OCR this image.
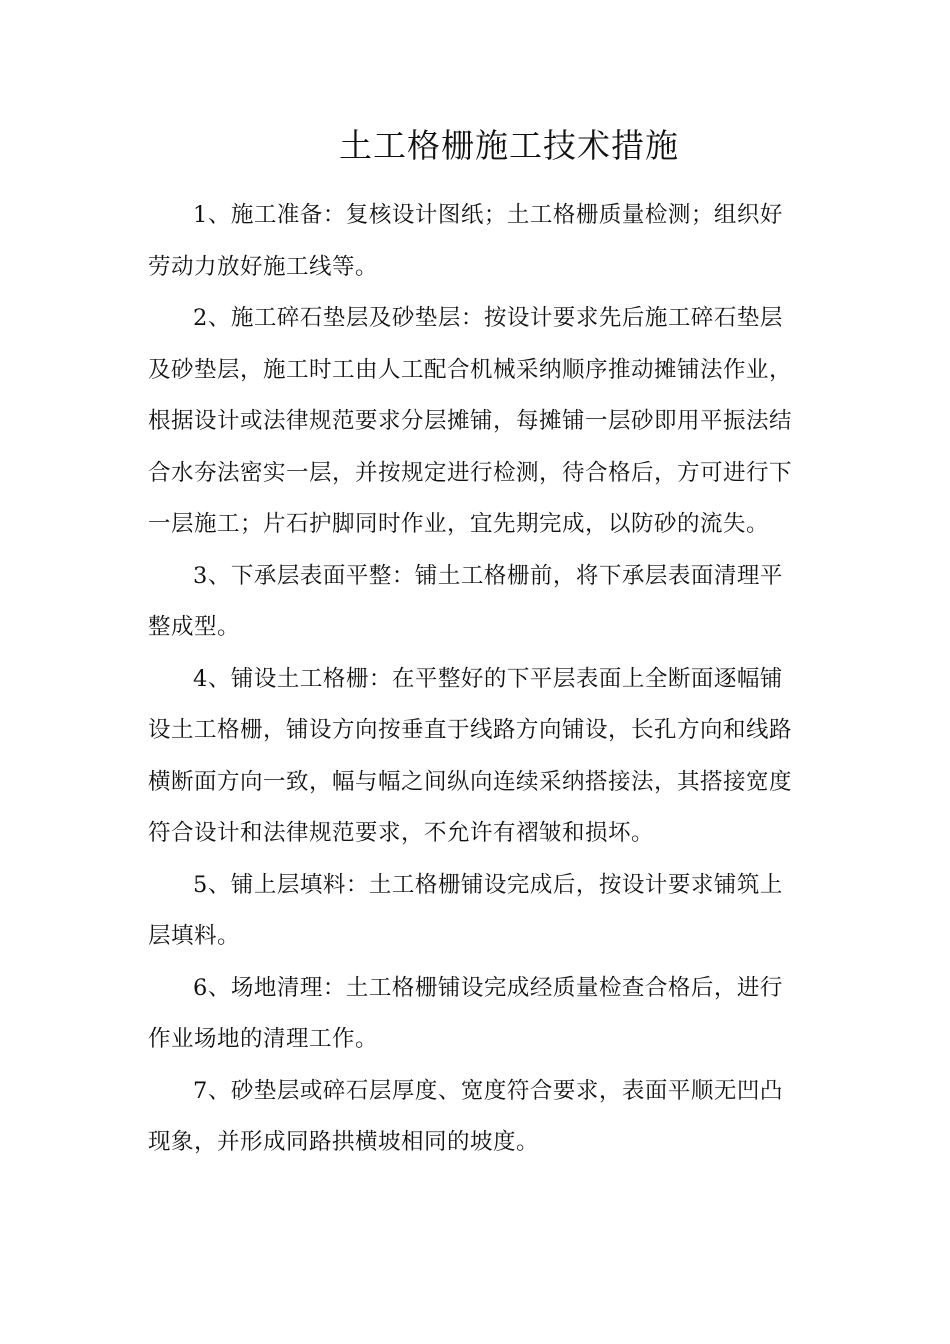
土工格栅施工技术措施

1、施工准备：复核设计图纸；土工格栅质量检测；组织好劳动力放好施工线等。

2、施工碎石垫层及砂垫层：按设计要求先后施工碎石垫层及砂垫层，施工时工由人工配合机械采纳顺序推动摊铺法作业，根据设计或法律规范要求分层摊铺，每摊铺一层砂即用平振法结合水夯法密实一层，并按规定进行检测，待合格后，方可进行下一层施工；片石护脚同时作业，宜先期完成，以防砂的流失。

3、下承层表面平整：铺土工格栅前，将下承层表面清理平整成型。

4、铺设土工格栅：在平整好的下平层表面上全断面逐幅铺设土工格栅，铺设方向按垂直于线路方向铺设，长孔方向和线路横断面方向一致，幅与幅之间纵向连续采纳搭接法，其搭接宽度符合设计和法律规范要求，不允许有褶皱和损坏。

5、铺上层填料：土工格栅铺设完成后，按设计要求铺筑上层填料。

6、场地清理：土工格栅铺设完成经质量检查合格后，进行作业场地的清理工作。

7、砂垫层或碎石层厚度、宽度符合要求，表面平顺无凹凸现象，并形成同路拱横坡相同的坡度。
